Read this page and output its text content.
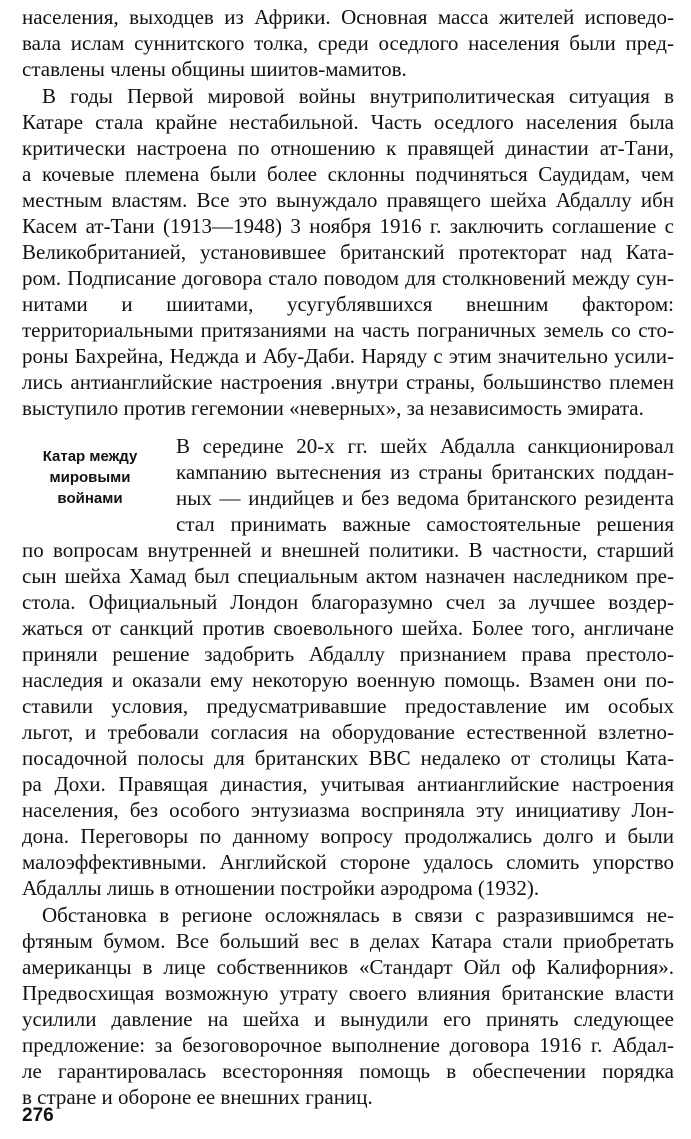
населения, выходцев из Африки. Основная масса жителей исповедо-

вала ислам суннитского толка, среди оседлого населения были пред-

ставлены члены общины шиитов-мамитов.

В годы Первой мировой войны внутриполитическая ситуация в

Катаре стала крайне нестабильной. Часть оседлого населения была

критически настроена по отношению к правящей династии ат-Тани,

а кочевые племена были более склонны подчиняться Саудидам, чем

местным властям. Все это вынуждало правящего шейха Абдаллу ибн

Касем ат-Тани (1913—1948) 3 ноября 1916 г. заключить соглашение с

Великобританией, установившее британский протекторат над Ката-

ром. Подписание договора стало поводом для столкновений между сун-

нитами и шиитами, усугублявшихся внешним фактором:

территориальными притязаниями на часть пограничных земель со сто-

роны Бахрейна, Неджда и Абу-Даби. Наряду с этим значительно усили-

лись антианглийские настроения .внутри страны, большинство племен

выступило против гегемонии «неверных», за независимость эмирата.

Катар между
мировыми
войнами

В середине 20-х гг. шейх Абдалла санкционировал

кампанию вытеснения из страны британских поддан-

ных — индийцев и без ведома британского резидента

стал принимать важные самостоятельные решения

по вопросам внутренней и внешней политики. В частности, старший

сын шейха Хамад был специальным актом назначен наследником пре-

стола. Официальный Лондон благоразумно счел за лучшее воздер-

жаться от санкций против своевольного шейха. Более того, англичане

приняли решение задобрить Абдаллу признанием права престоло-

наследия и оказали ему некоторую военную помощь. Взамен они по-

ставили условия, предусматривавшие предоставление им особых

льгот, и требовали согласия на оборудование естественной взлетно-

посадочной полосы для британских ВВС недалеко от столицы Ката-

ра Дохи. Правящая династия, учитывая антианглийские настроения

населения, без особого энтузиазма восприняла эту инициативу Лон-

дона. Переговоры по данному вопросу продолжались долго и были

малоэффективными. Английской стороне удалось сломить упорство

Абдаллы лишь в отношении постройки аэродрома (1932).

Обстановка в регионе осложнялась в связи с разразившимся не-

фтяным бумом. Все больший вес в делах Катара стали приобретать

американцы в лице собственников «Стандарт Ойл оф Калифорния».

Предвосхищая возможную утрату своего влияния британские власти

усилили давление на шейха и вынудили его принять следующее

предложение: за безоговорочное выполнение договора 1916 г. Абдал-

ле гарантировалась всесторонняя помощь в обеспечении порядка

в стране и обороне ее внешних границ.

276
